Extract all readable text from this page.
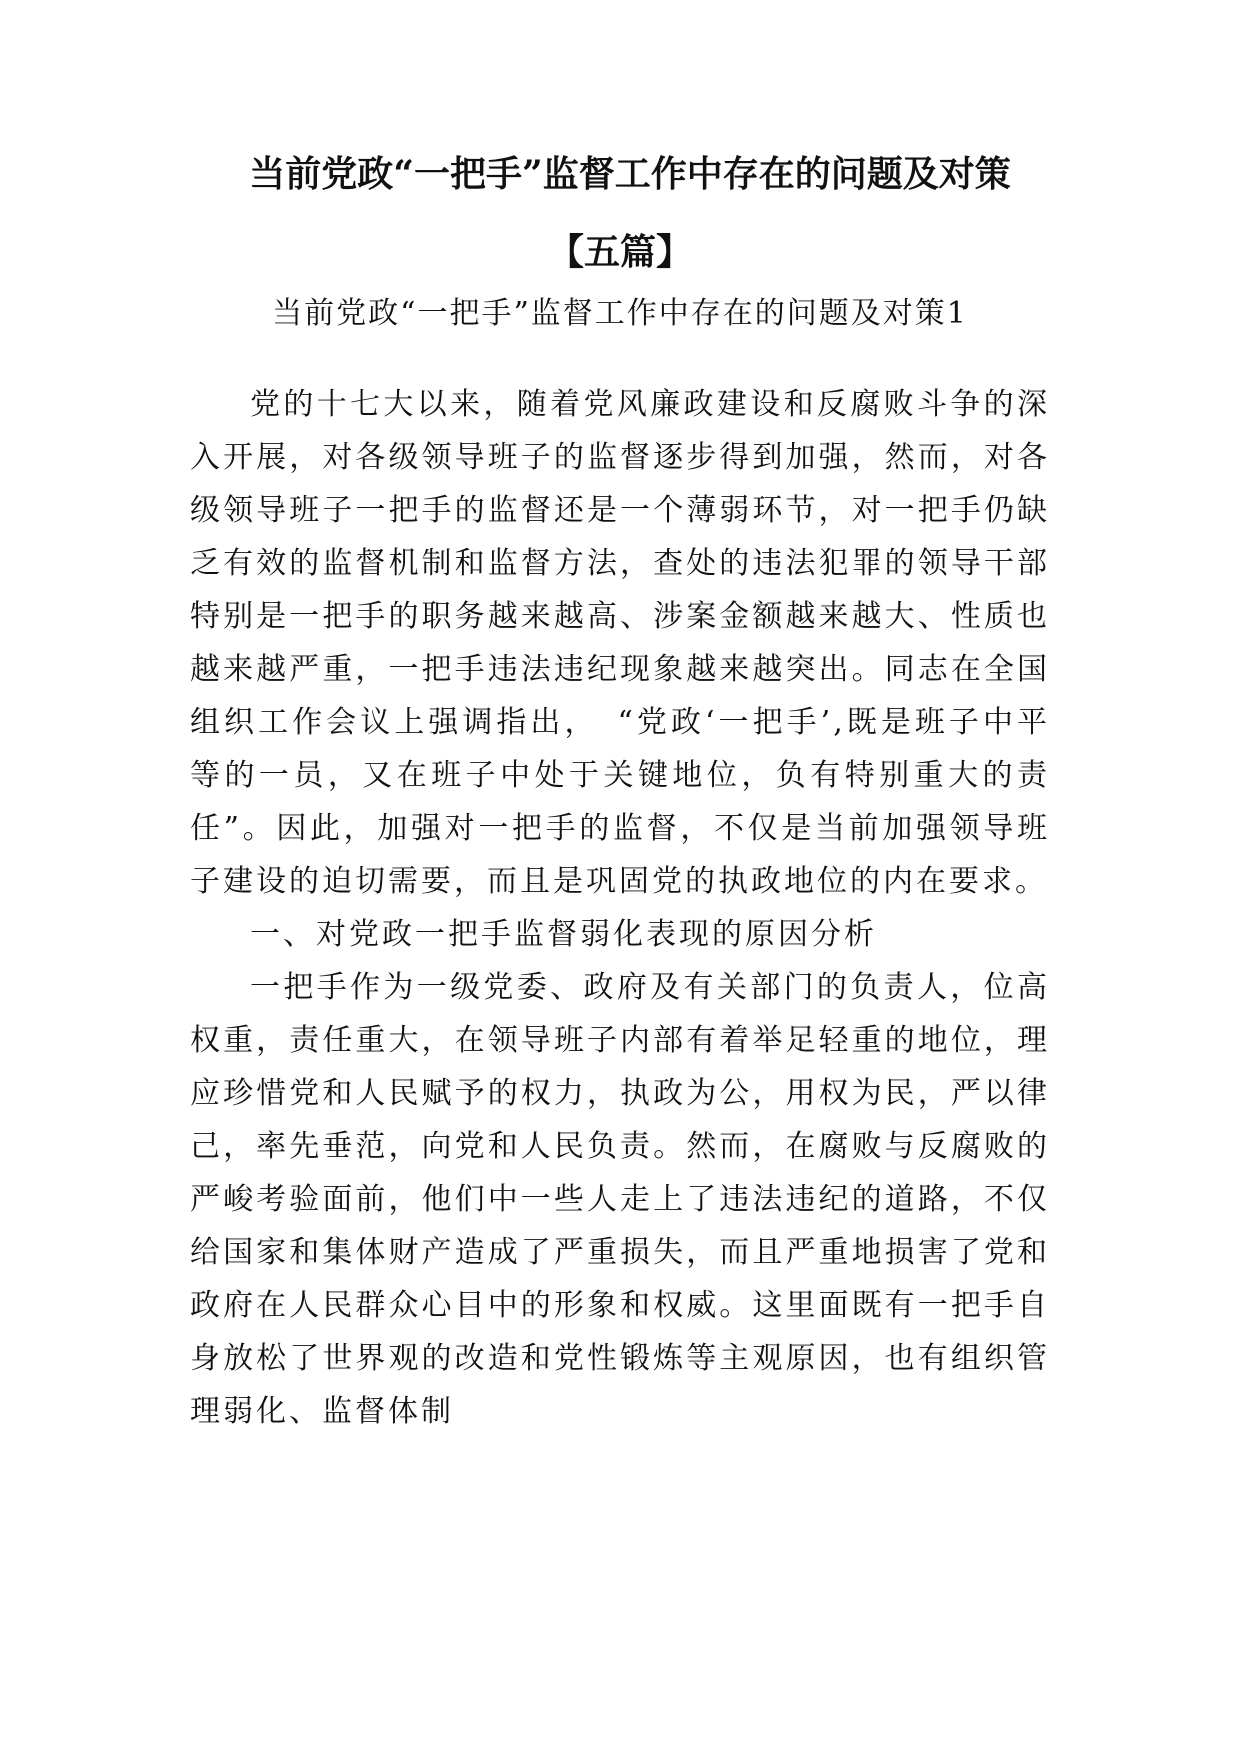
当前党政“一把手”监督工作中存在的问题及对策
【五篇】
当前党政“一把手”监督工作中存在的问题及对策1

党的十七大以来，随着党风廉政建设和反腐败斗争的深入开展，对各级领导班子的监督逐步得到加强，然而，对各级领导班子一把手的监督还是一个薄弱环节，对一把手仍缺乏有效的监督机制和监督方法，查处的违法犯罪的领导干部特别是一把手的职务越来越高、涉案金额越来越大、性质也越来越严重，一把手违法违纪现象越来越突出。同志在全国组织工作会议上强调指出，　“党政‘一把手’,既是班子中平等的一员，又在班子中处于关键地位，负有特别重大的责任”。因此，加强对一把手的监督，不仅是当前加强领导班子建设的迫切需要，而且是巩固党的执政地位的内在要求。

一、对党政一把手监督弱化表现的原因分析

一把手作为一级党委、政府及有关部门的负责人，位高权重，责任重大，在领导班子内部有着举足轻重的地位，理应珍惜党和人民赋予的权力，执政为公，用权为民，严以律己，率先垂范，向党和人民负责。然而，在腐败与反腐败的严峻考验面前，他们中一些人走上了违法违纪的道路，不仅给国家和集体财产造成了严重损失，而且严重地损害了党和政府在人民群众心目中的形象和权威。这里面既有一把手自身放松了世界观的改造和党性锻炼等主观原因，也有组织管理弱化、监督体制
